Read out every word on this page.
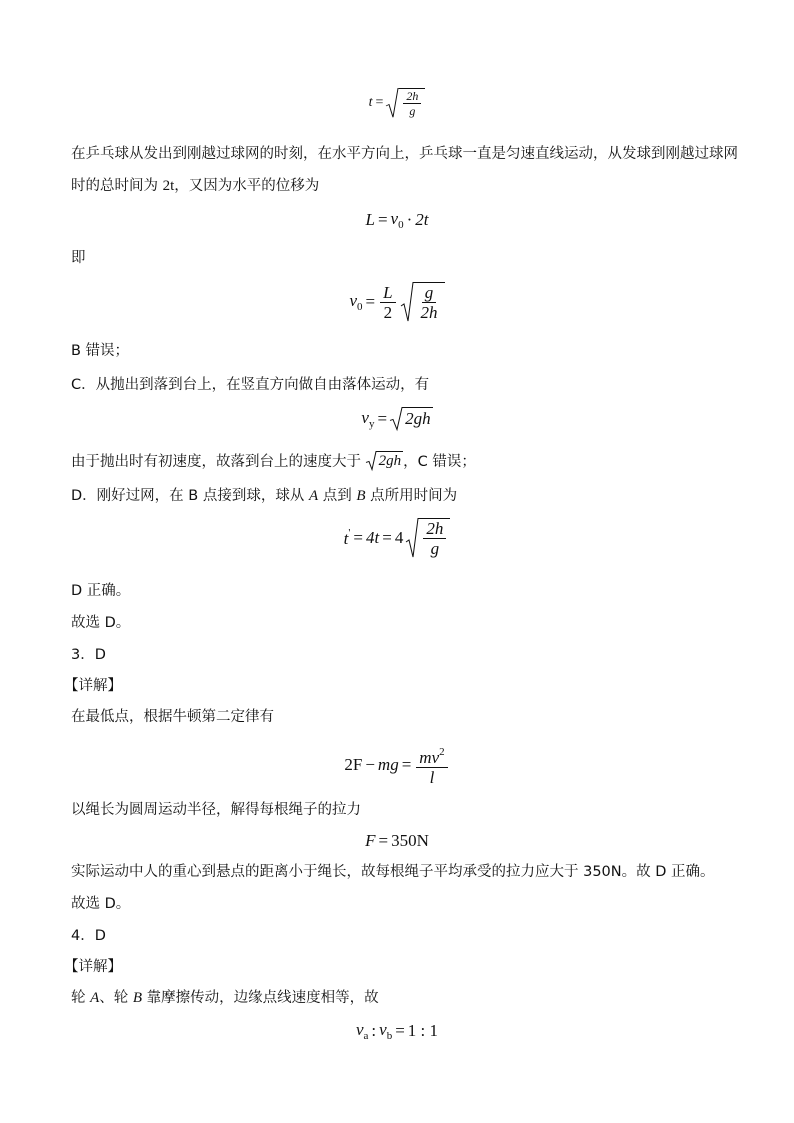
$t = \frac{2h}{g}$
在乒乓球从发出到刚越过球网的时刻，在水平方向上，乒乓球一直是匀速直线运动，从发球到刚越过球网
时的总时间为 2t，又因为水平的位移为
$L = v_0 \cdot 2t$
即
$v_0 = \frac{L}{2} \frac{g}{2h}$
B 错误；
C．从抛出到落到台上，在竖直方向做自由落体运动，有
$v_y = 2gh$
由于抛出时有初速度，故落到台上的速度大于 2gh ，C 错误；
D．刚好过网，在 B 点接到球，球从 A 点到 B 点所用时间为
$t' = 4t = 4 \frac{2h}{g}$
D 正确。
故选 D。
3．D
【详解】
在最低点，根据牛顿第二定律有
2F − mg = $\frac{mv^2}{l}$
以绳长为圆周运动半径，解得每根绳子的拉力
F = 350N
实际运动中人的重心到悬点的距离小于绳长，故每根绳子平均承受的拉力应大于 350N。故 D 正确。
故选 D。
4．D
【详解】
轮 A、轮 B 靠摩擦传动，边缘点线速度相等，故
$v_a$ : $v_b = 1$ : 1
